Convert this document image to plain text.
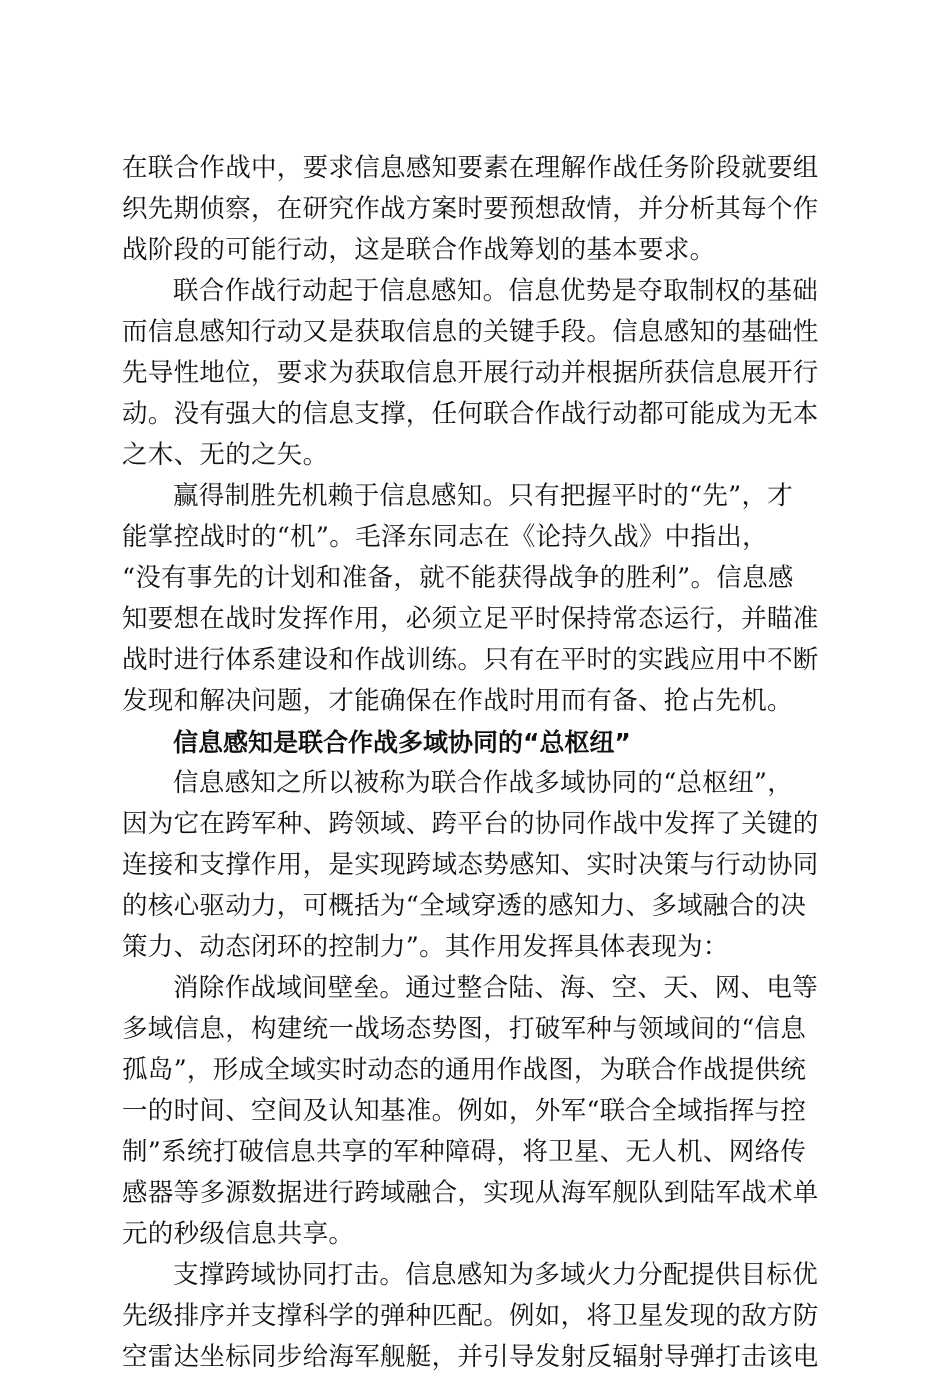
在联合作战中，要求信息感知要素在理解作战任务阶段就要组
织先期侦察，在研究作战方案时要预想敌情，并分析其每个作
战阶段的可能行动，这是联合作战筹划的基本要求。
联合作战行动起于信息感知。信息优势是夺取制权的基础
而信息感知行动又是获取信息的关键手段。信息感知的基础性
先导性地位，要求为获取信息开展行动并根据所获信息展开行
动。没有强大的信息支撑，任何联合作战行动都可能成为无本
之木、无的之矢。
赢得制胜先机赖于信息感知。只有把握平时的“先”，才
能掌控战时的“机”。毛泽东同志在《论持久战》中指出，
“没有事先的计划和准备，就不能获得战争的胜利”。信息感
知要想在战时发挥作用，必须立足平时保持常态运行，并瞄准
战时进行体系建设和作战训练。只有在平时的实践应用中不断
发现和解决问题，才能确保在作战时用而有备、抢占先机。
信息感知是联合作战多域协同的“总枢纽”
信息感知之所以被称为联合作战多域协同的“总枢纽”，
因为它在跨军种、跨领域、跨平台的协同作战中发挥了关键的
连接和支撑作用，是实现跨域态势感知、实时决策与行动协同
的核心驱动力，可概括为“全域穿透的感知力、多域融合的决
策力、动态闭环的控制力”。其作用发挥具体表现为：
消除作战域间壁垒。通过整合陆、海、空、天、网、电等
多域信息，构建统一战场态势图，打破军种与领域间的“信息
孤岛”，形成全域实时动态的通用作战图，为联合作战提供统
一的时间、空间及认知基准。例如，外军“联合全域指挥与控
制”系统打破信息共享的军种障碍，将卫星、无人机、网络传
感器等多源数据进行跨域融合，实现从海军舰队到陆军战术单
元的秒级信息共享。
支撑跨域协同打击。信息感知为多域火力分配提供目标优
先级排序并支撑科学的弹种匹配。例如，将卫星发现的敌方防
空雷达坐标同步给海军舰艇，并引导发射反辐射导弹打击该电
